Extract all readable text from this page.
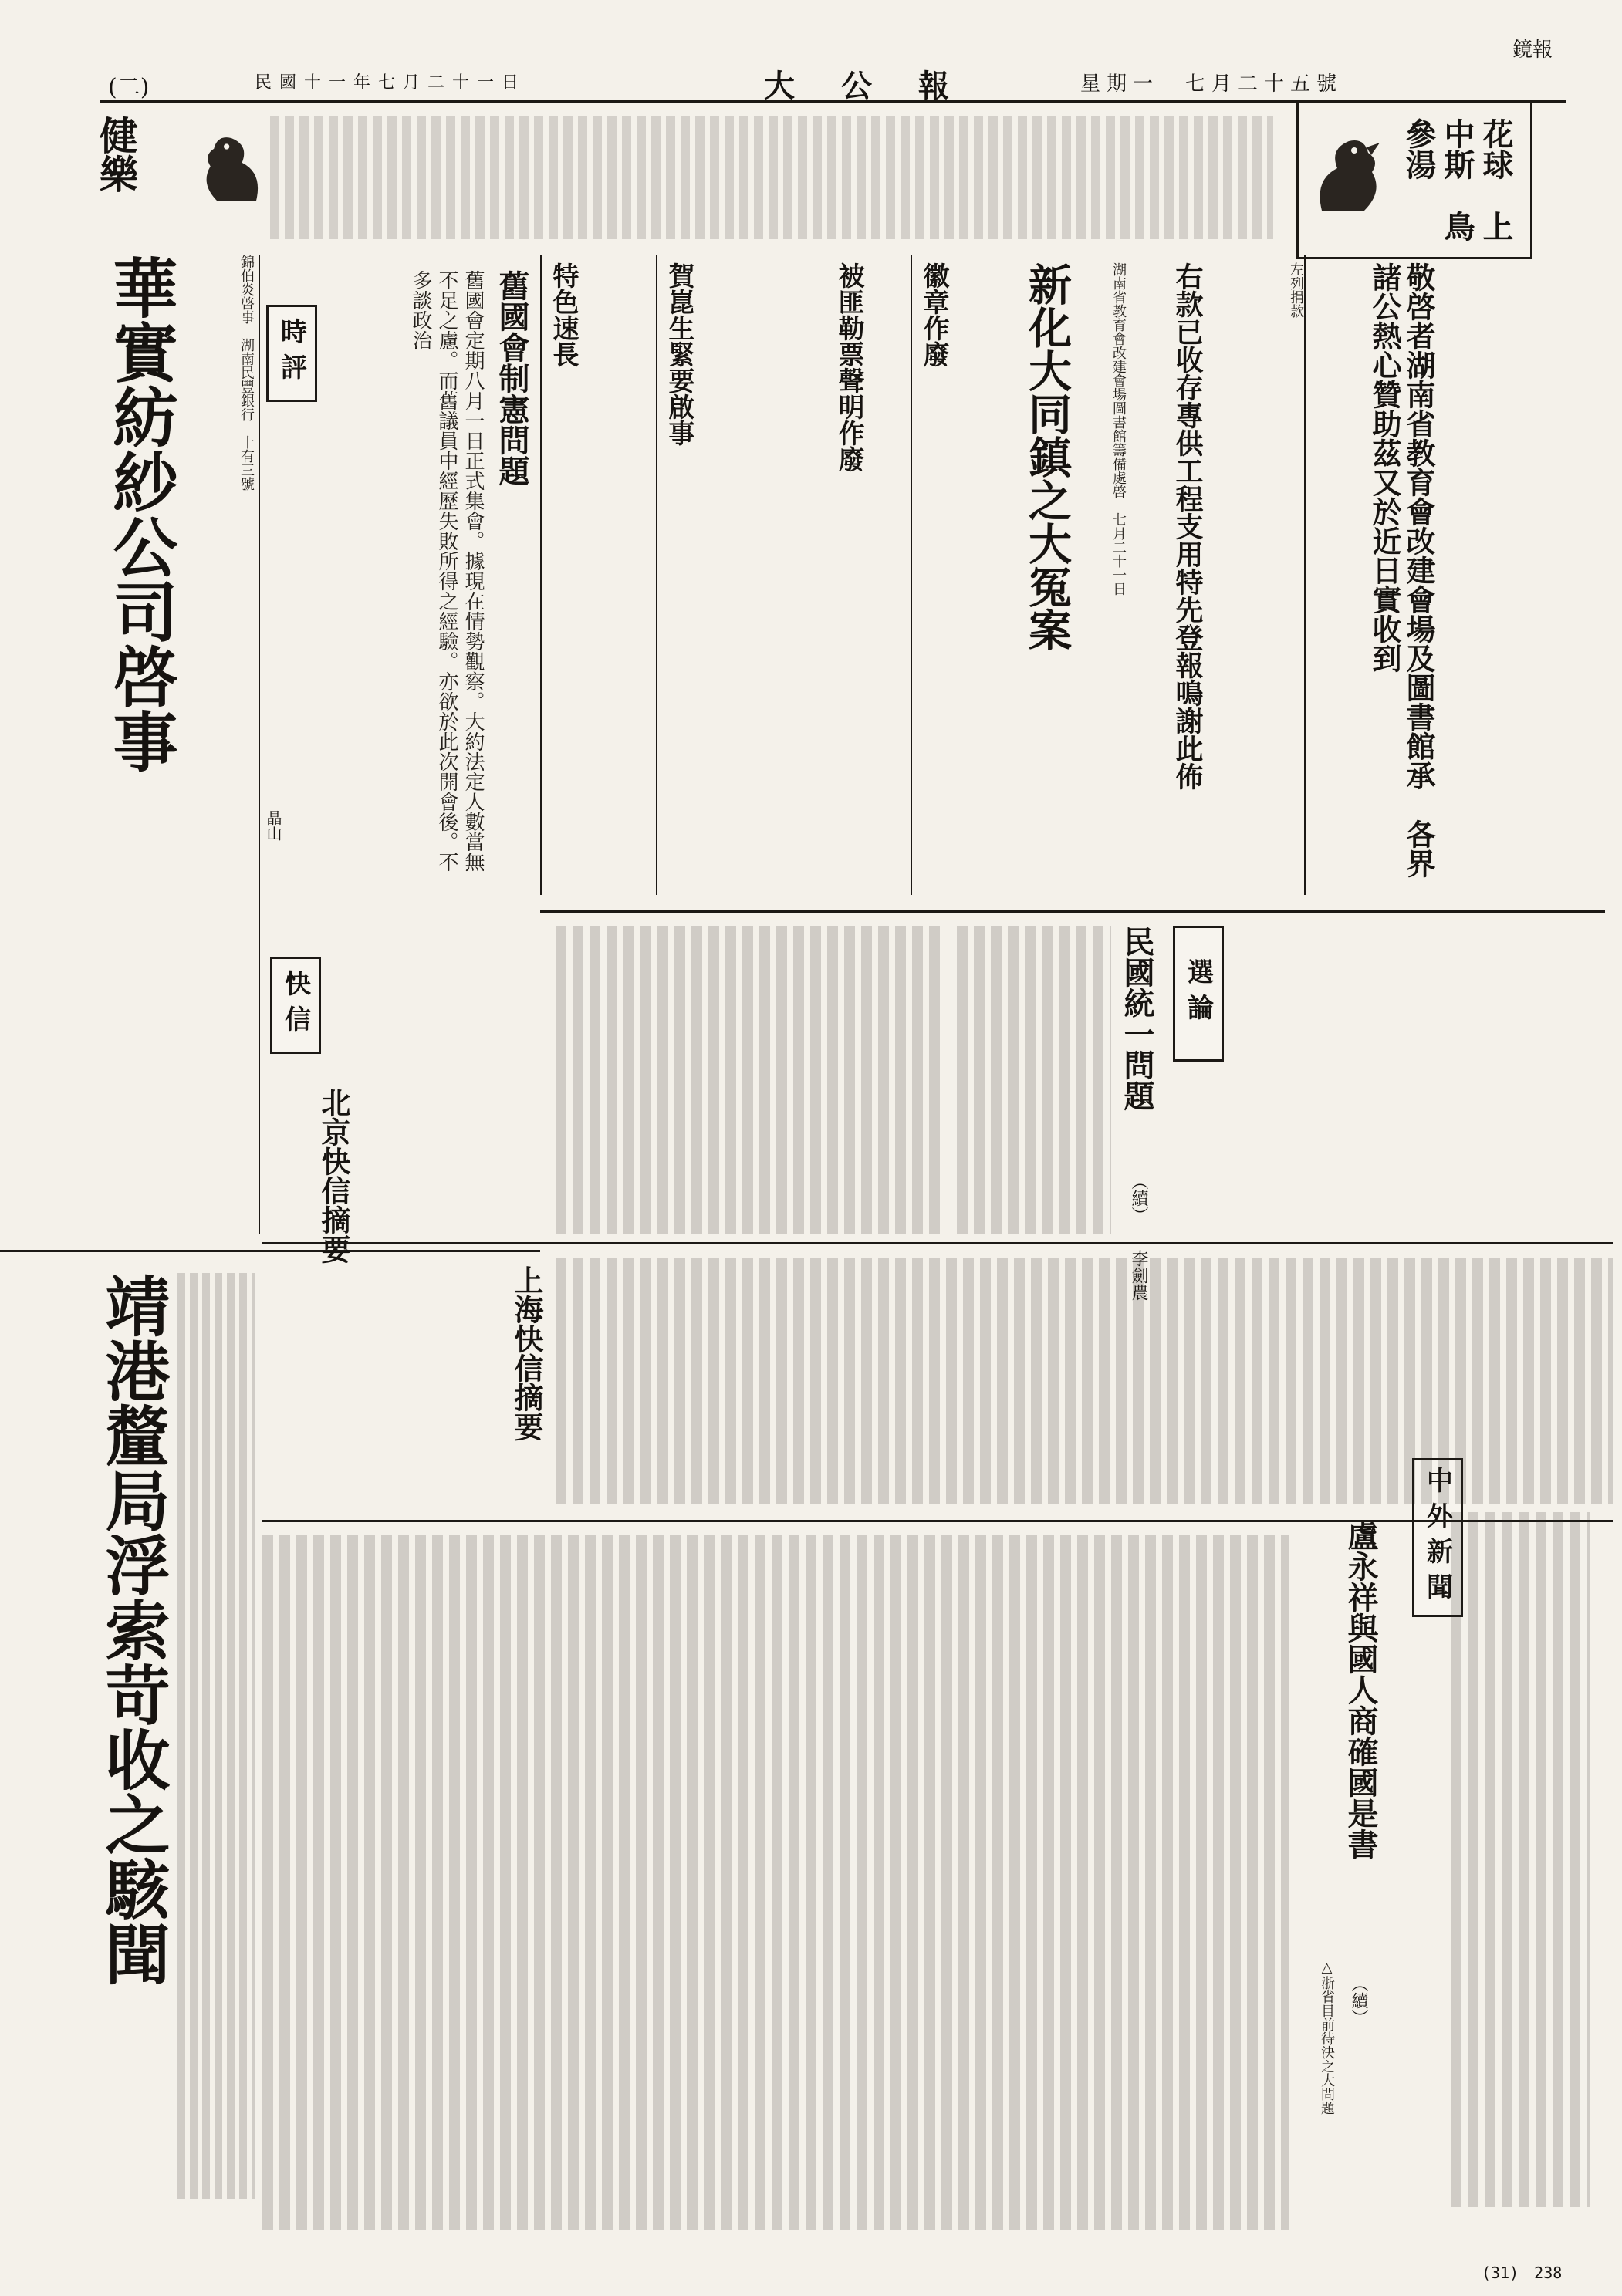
(二)	大公報	星期一　七月二十五號
民國十一年七月二十一日
鏡報
花球　上中斯　鳥參湯
健樂
敬啓者湖南省教育會改建會場及圖書館承　各界諸公熱心贊助茲又於近日實收到
左列捐款
右款已收存專供工程支用特先登報鳴謝此佈
湖南省教育會改建會場圖書館籌備處啓　七月二十一日
新化大同鎮之大冤案
徽章作廢
被匪勒票聲明作廢
賀崑生緊要啟事
特色速長
時評	舊國會制憲問題
舊國會定期八月一日正式集會。據現在情勢觀察。大約法定人數當無不足之慮。而舊議員中經歷失敗所得之經驗。亦欲於此次開會後。不多談政治
晶山
華實紡紗公司啓事	錦伯炎啓事　湖南民豐銀行　十有三號
靖港釐局浮索苛收之駭聞
選論
民國統一問題
（續）
李劍農
快信
北京快信摘要
上海快信摘要
中外新聞
盧永祥與國人商確國是書
（續）
△浙省目前待決之大問題
(31)　238
